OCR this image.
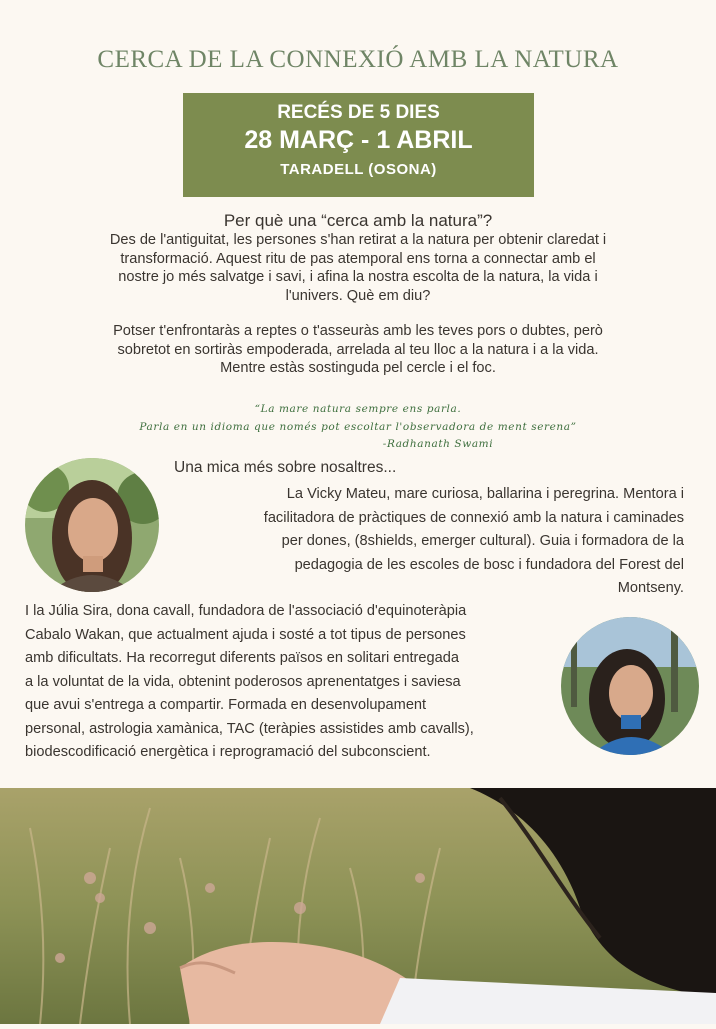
CERCA DE LA CONNEXIÓ AMB LA NATURA
RECÉS DE 5 DIES
28 MARÇ - 1 ABRIL
TARADELL (OSONA)
Per què una “cerca amb la natura”?

Des de l'antiguitat, les persones s'han retirat a la natura per obtenir claredat i

transformació. Aquest ritu de pas atemporal ens torna a connectar amb el

nostre jo més salvatge i savi, i afina la nostra escolta de la natura, la vida i

l'univers. Què em diu?

Potser t'enfrontaràs a reptes o t'asseuràs amb les teves pors o dubtes, però

sobretot en sortiràs empoderada, arrelada al teu lloc a la natura i a la vida.

Mentre estàs sostinguda pel cercle i el foc.

“La mare natura sempre ens parla.
Parla en un idioma que només pot escoltar l'observadora de ment serena”
-Radhanath Swami
Una mica més sobre nosaltres...
La Vicky Mateu, mare curiosa, ballarina i peregrina. Mentora i
facilitadora de pràctiques de connexió amb la natura i caminades
per dones, (8shields, emerger cultural). Guia i formadora de la
pedagogia de les escoles de bosc i fundadora del Forest del
Montseny.
I la Júlia Sira, dona cavall, fundadora de l'associació d'equinoteràpia
Cabalo Wakan, que actualment ajuda i sosté a tot tipus de persones
amb dificultats. Ha recorregut diferents països en solitari entregada
a la voluntat de la vida, obtenint poderosos aprenentatges i saviesa
que avui s'entrega a compartir. Formada en desenvolupament
personal, astrologia xamànica, TAC (teràpies assistides amb cavalls),
biodescodificació energètica i reprogramació del subconscient.
